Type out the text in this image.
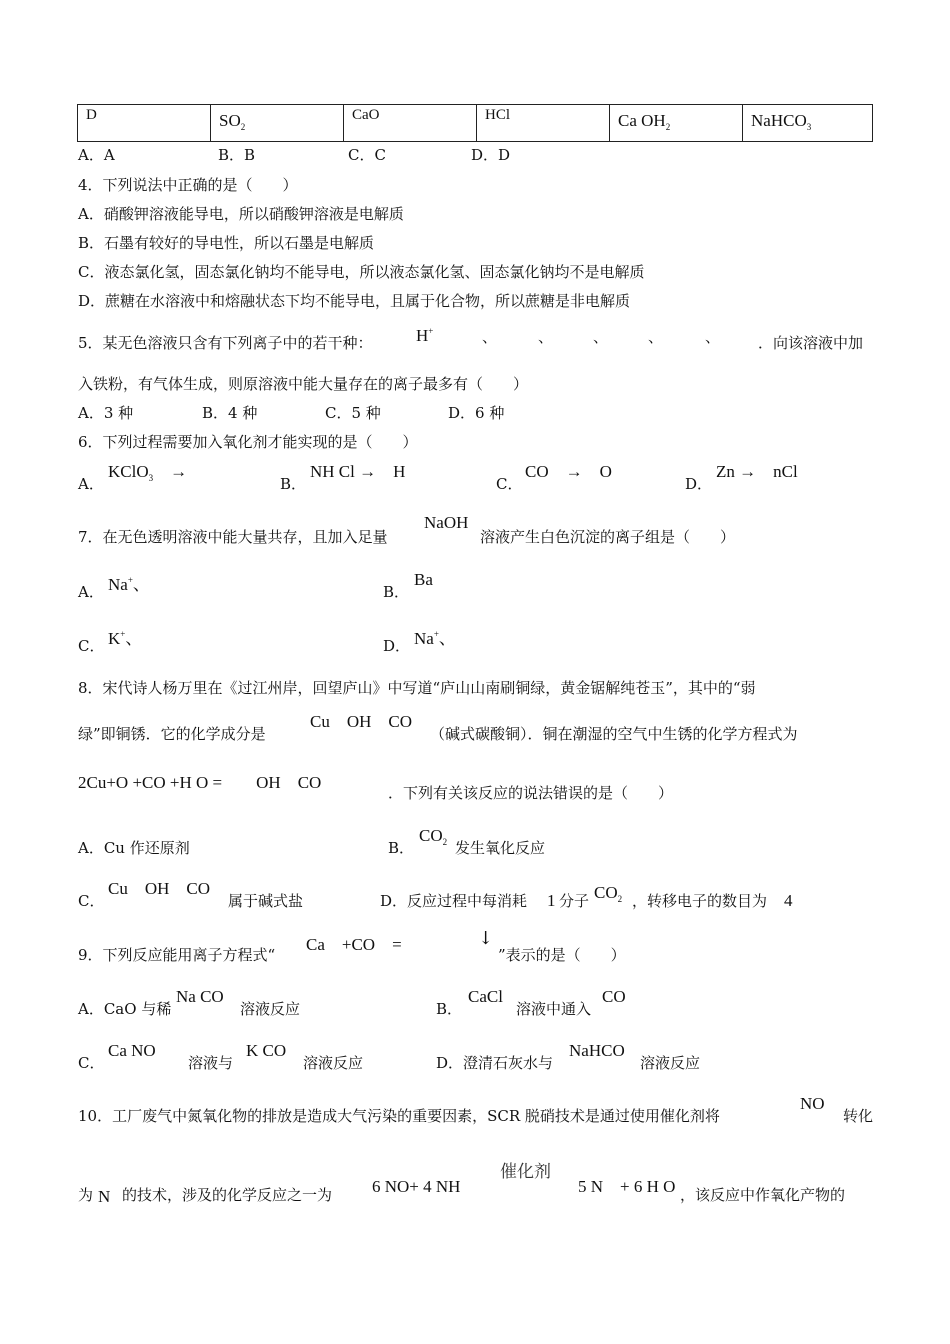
D	$SO_2$	CaO	HCl	Ca $OH_2$	NaHCO$_3$
A．A	B．B	C．C	D．D
4．下列说法中正确的是（　　）
A．硝酸钾溶液能导电，所以硝酸钾溶液是电解质
B．石墨有较好的导电性，所以石墨是电解质
C．液态氯化氢，固态氯化钠均不能导电，所以液态氯化氢、固态氯化钠均不是电解质
D．蔗糖在水溶液中和熔融状态下均不能导电，且属于化合物，所以蔗糖是非电解质
5．某无色溶液只含有下列离子中的若干种：	H+	、	、	、	、	、	．向该溶液中加
入铁粉，有气体生成，则原溶液中能大量存在的离子最多有（　　）
A．3 种	B．4 种	C．5 种	D．6 种
6．下列过程需要加入氧化剂才能实现的是（　　）
A．
KClO$_3$　 →
B．
NH Cl →　H
C．
CO　→　O
D．
Zn →　nCl
7．在无色透明溶液中能大量共存，且加入足量
NaOH
溶液产生白色沉淀的离子组是（　　）
A． Na+、	B．
Ba
C． K+、	D． Na+、
8．宋代诗人杨万里在《过江州岸，回望庐山》中写道“庐山山南刷铜绿，黄金锯解纯苍玉”，其中的“弱
绿”即铜锈．它的化学成分是
Cu　OH　CO
（碱式碳酸铜）．铜在潮湿的空气中生锈的化学方程式为
2Cu+O +CO +H O =　　OH　CO
．下列有关该反应的说法错误的是（　　）
A．Cu 作还原剂	B．
$CO_2$ 发生氧化反应
C．
Cu　OH　CO
属于碱式盐	D．反应过程中每消耗 1 分子 $CO_2$ ，转移电子的数目为 4
9．下列反应能用离子方程式“
Ca　+CO　=	↓
”表示的是（　　）
A．CaO 与稀
Na CO
溶液反应	B．
CaCl
溶液中通入
CO
C．
Ca NO
溶液与
K CO
溶液反应	D．澄清石灰水与
NaHCO
溶液反应
10．工厂废气中氮氧化物的排放是造成大气污染的重要因素，SCR 脱硝技术是通过使用催化剂将
NO
转化
催化剂
为 N 的技术，涉及的化学反应之一为 6 NO+ 4 NH	5 N　+ 6 H O ，该反应中作氧化产物的
